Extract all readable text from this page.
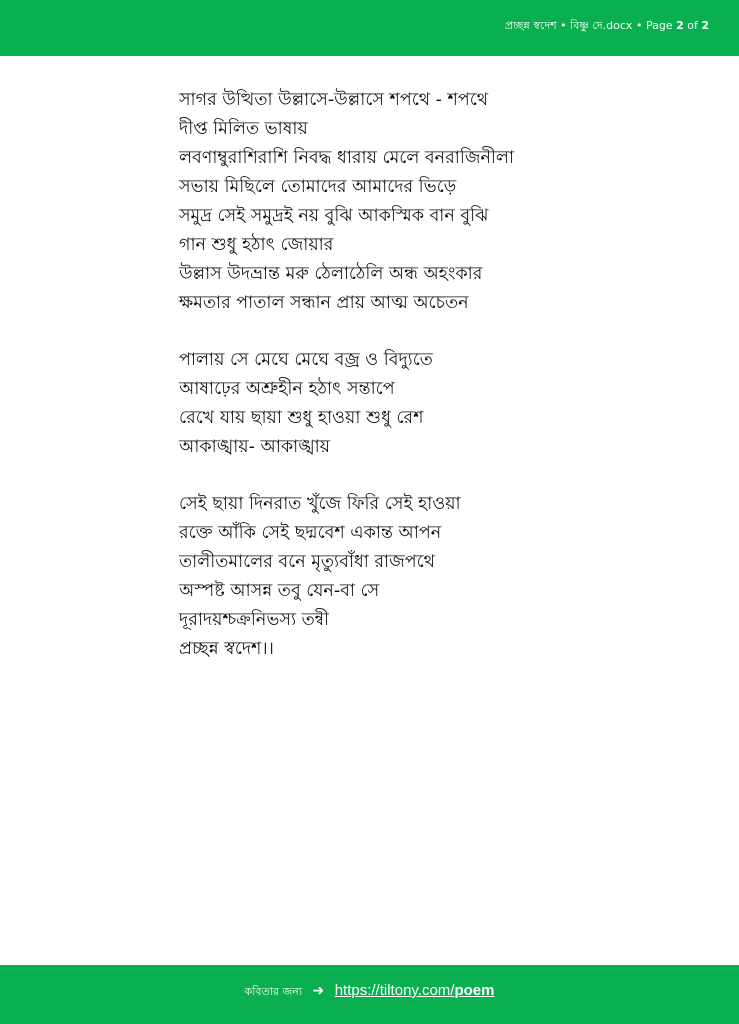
প্রচ্ছন্ন স্বদেশ • বিষ্ণু দে.docx • Page 2 of 2
সাগর উত্থিতা উল্লাসে-উল্লাসে শপথে - শপথে
দীপ্ত মিলিত ভাষায়
লবণাম্বুরাশিরাশি নিবদ্ধ ধারায় মেলে বনরাজিনীলা
সভায় মিছিলে তোমাদের আমাদের ভিড়ে
সমুদ্র সেই সমুদ্রই নয় বুঝি আকস্মিক বান বুঝি
গান শুধু হঠাৎ জোয়ার
উল্লাস উদভ্রান্ত মরু ঠেলাঠেলি অন্ধ অহংকার
ক্ষমতার পাতাল সন্ধান প্রায় আত্ম অচেতন
পালায় সে মেঘে মেঘে বজ্র ও বিদ্যুতে
আষাঢ়ের অশ্রুহীন হঠাৎ সন্তাপে
রেখে যায় ছায়া শুধু হাওয়া শুধু রেশ
আকাঙ্খায়- আকাঙ্খায়
সেই ছায়া দিনরাত খুঁজে ফিরি সেই হাওয়া
রক্তে আঁকি সেই ছদ্মবেশ একান্ত আপন
তালীতমালের বনে মৃত্যুবাঁধা রাজপথে
অস্পষ্ট আসন্ন তবু যেন-বা সে
দূরাদয়শ্চক্রনিভস্য তন্বী
প্রচ্ছন্ন স্বদেশ।।
কবিতার জন্য ➜ https://tiltony.com/poem
